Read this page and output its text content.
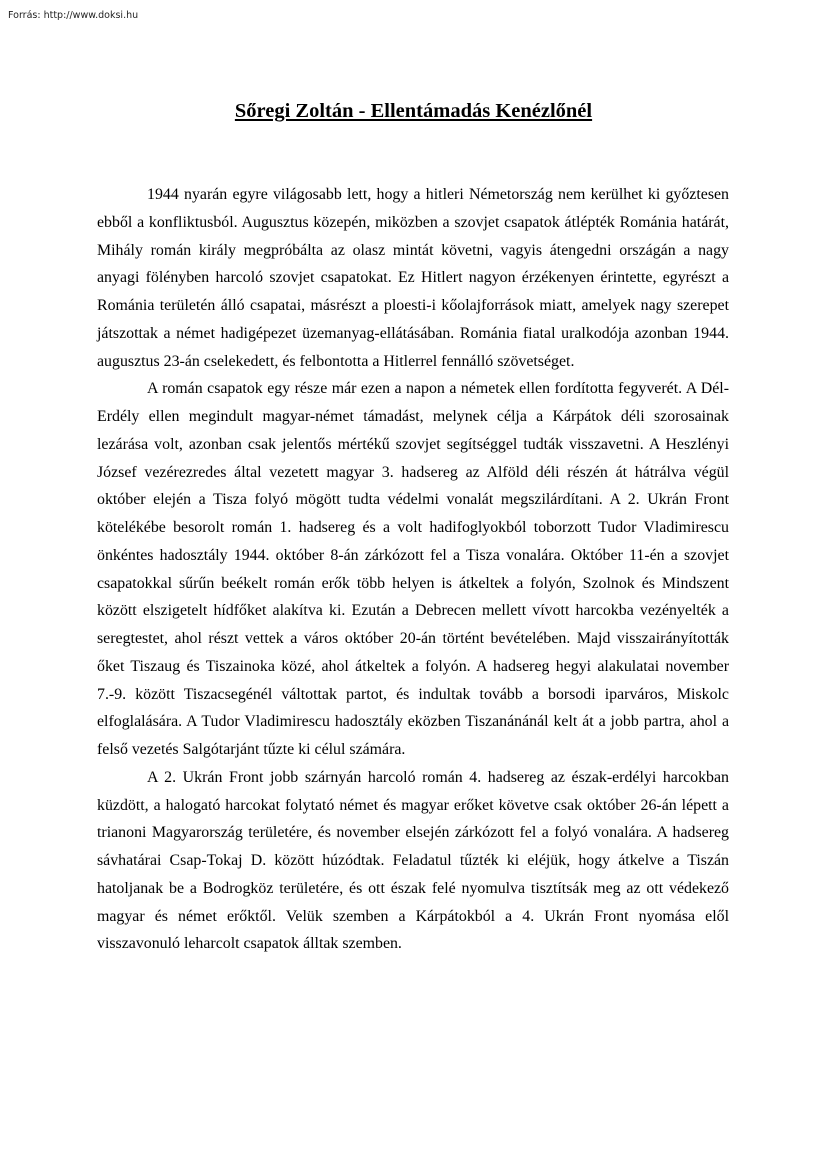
Forrás: http://www.doksi.hu

Sőregi Zoltán - Ellentámadás Kenézlőnél

1944 nyarán egyre világosabb lett, hogy a hitleri Németország nem kerülhet ki győztesen ebből a konfliktusból. Augusztus közepén, miközben a szovjet csapatok átlépték Románia határát, Mihály román király megpróbálta az olasz mintát követni, vagyis átengedni országán a nagy anyagi fölényben harcoló szovjet csapatokat. Ez Hitlert nagyon érzékenyen érintette, egyrészt a Románia területén álló csapatai, másrészt a ploesti-i kőolajforrások miatt, amelyek nagy szerepet játszottak a német hadigépezet üzemanyag-ellátásában. Románia fiatal uralkodója azonban 1944. augusztus 23-án cselekedett, és felbontotta a Hitlerrel fennálló szövetséget.

A román csapatok egy része már ezen a napon a németek ellen fordította fegyverét. A Dél- Erdély ellen megindult magyar-német támadást, melynek célja a Kárpátok déli szorosainak lezárása volt, azonban csak jelentős mértékű szovjet segítséggel tudták visszavetni. A Heszlényi József vezérezredes által vezetett magyar 3. hadsereg az Alföld déli részén át hátrálva végül október elején a Tisza folyó mögött tudta védelmi vonalát megszilárdítani. A 2. Ukrán Front kötelékébe besorolt román 1. hadsereg és a volt hadifoglyokból toborzott Tudor Vladimirescu önkéntes hadosztály 1944. október 8-án zárkózott fel a Tisza vonalára. Október 11-én a szovjet csapatokkal sűrűn beékelt román erők több helyen is átkeltek a folyón, Szolnok és Mindszent között elszigetelt hídfőket alakítva ki. Ezután a Debrecen mellett vívott harcokba vezényelték a seregtestet, ahol részt vettek a város október 20-án történt bevételében. Majd visszairányították őket Tiszaug és Tiszainoka közé, ahol átkeltek a folyón. A hadsereg hegyi alakulatai november 7.-9. között Tiszacsegénél váltottak partot, és indultak tovább a borsodi iparváros, Miskolc elfoglalására. A Tudor Vladimirescu hadosztály eközben Tiszanánánál kelt át a jobb partra, ahol a felső vezetés Salgótarjánt tűzte ki célul számára.

A 2. Ukrán Front jobb szárnyán harcoló román 4. hadsereg az észak-erdélyi harcokban küzdött, a halogató harcokat folytató német és magyar erőket követve csak október 26-án lépett a trianoni Magyarország területére, és november elsején zárkózott fel a folyó vonalára. A hadsereg sávhatárai Csap-Tokaj D. között húzódtak. Feladatul tűzték ki eléjük, hogy átkelve a Tiszán hatoljanak be a Bodrogköz területére, és ott észak felé nyomulva tisztítsák meg az ott védekező magyar és német erőktől. Velük szemben a Kárpátokból a 4. Ukrán Front nyomása elől visszavonuló leharcolt csapatok álltak szemben.
